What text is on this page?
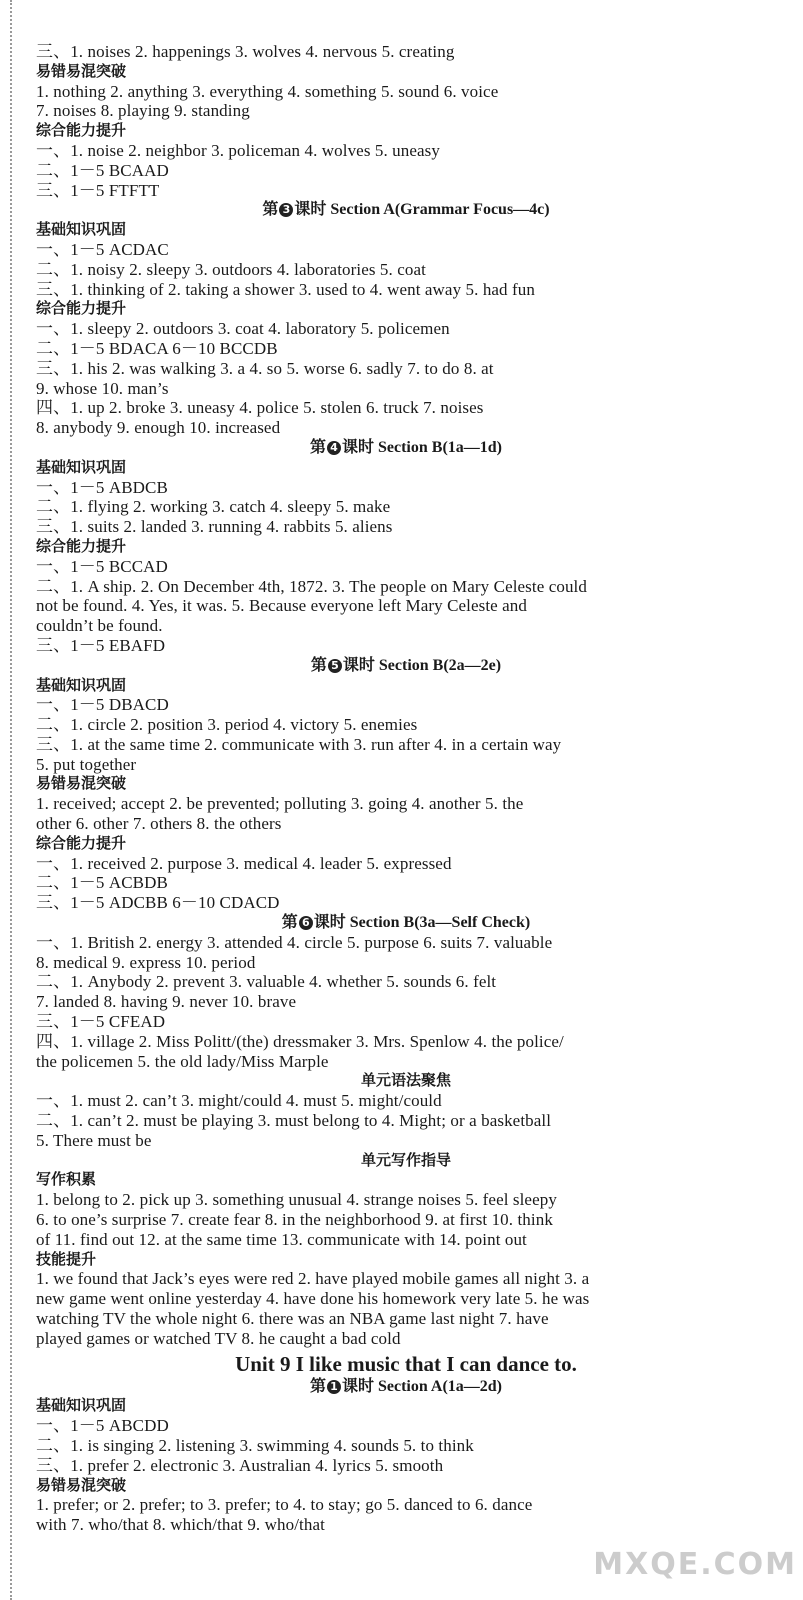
三、1. noises 2. happenings 3. wolves 4. nervous 5. creating
易错易混突破
1. nothing 2. anything 3. everything 4. something 5. sound 6. voice
7. noises 8. playing 9. standing
综合能力提升
一、1. noise 2. neighbor 3. policeman 4. wolves 5. uneasy
二、1－5 BCAAD
三、1－5 FTFTT
第 3 课时 Section A(Grammar Focus—4c)
基础知识巩固
一、1－5 ACDAC
二、1. noisy 2. sleepy 3. outdoors 4. laboratories 5. coat
三、1. thinking of 2. taking a shower 3. used to 4. went away 5. had fun
综合能力提升
一、1. sleepy 2. outdoors 3. coat 4. laboratory 5. policemen
二、1－5 BDACA 6－10 BCCDB
三、1. his 2. was walking 3. a 4. so 5. worse 6. sadly 7. to do 8. at
9. whose 10. man’s
四、1. up 2. broke 3. uneasy 4. police 5. stolen 6. truck 7. noises
8. anybody 9. enough 10. increased
第 4 课时 Section B(1a—1d)
基础知识巩固
一、1－5 ABDCB
二、1. flying 2. working 3. catch 4. sleepy 5. make
三、1. suits 2. landed 3. running 4. rabbits 5. aliens
综合能力提升
一、1－5 BCCAD
二、1. A ship. 2. On December 4th, 1872. 3. The people on Mary Celeste could
not be found. 4. Yes, it was. 5. Because everyone left Mary Celeste and
couldn’t be found.
三、1－5 EBAFD
第 5 课时 Section B(2a—2e)
基础知识巩固
一、1－5 DBACD
二、1. circle 2. position 3. period 4. victory 5. enemies
三、1. at the same time 2. communicate with 3. run after 4. in a certain way
5. put together
易错易混突破
1. received; accept 2. be prevented; polluting 3. going 4. another 5. the
other 6. other 7. others 8. the others
综合能力提升
一、1. received 2. purpose 3. medical 4. leader 5. expressed
二、1－5 ACBDB
三、1－5 ADCBB 6－10 CDACD
第 6 课时 Section B(3a—Self Check)
一、1. British 2. energy 3. attended 4. circle 5. purpose 6. suits 7. valuable
8. medical 9. express 10. period
二、1. Anybody 2. prevent 3. valuable 4. whether 5. sounds 6. felt
7. landed 8. having 9. never 10. brave
三、1－5 CFEAD
四、1. village 2. Miss Politt/(the) dressmaker 3. Mrs. Spenlow 4. the police/
the policemen 5. the old lady/Miss Marple
单元语法聚焦
一、1. must 2. can’t 3. might/could 4. must 5. might/could
二、1. can’t 2. must be playing 3. must belong to 4. Might; or a basketball
5. There must be
单元写作指导
写作积累
1. belong to 2. pick up 3. something unusual 4. strange noises 5. feel sleepy
6. to one’s surprise 7. create fear 8. in the neighborhood 9. at first 10. think
of 11. find out 12. at the same time 13. communicate with 14. point out
技能提升
1. we found that Jack’s eyes were red 2. have played mobile games all night 3. a
new game went online yesterday 4. have done his homework very late 5. he was
watching TV the whole night 6. there was an NBA game last night 7. have
played games or watched TV 8. he caught a bad cold
Unit 9 I like music that I can dance to.
第 1 课时 Section A(1a—2d)
基础知识巩固
一、1－5 ABCDD
二、1. is singing 2. listening 3. swimming 4. sounds 5. to think
三、1. prefer 2. electronic 3. Australian 4. lyrics 5. smooth
易错易混突破
1. prefer; or 2. prefer; to 3. prefer; to 4. to stay; go 5. danced to 6. dance
with 7. who/that 8. which/that 9. who/that
MXQE.COM
